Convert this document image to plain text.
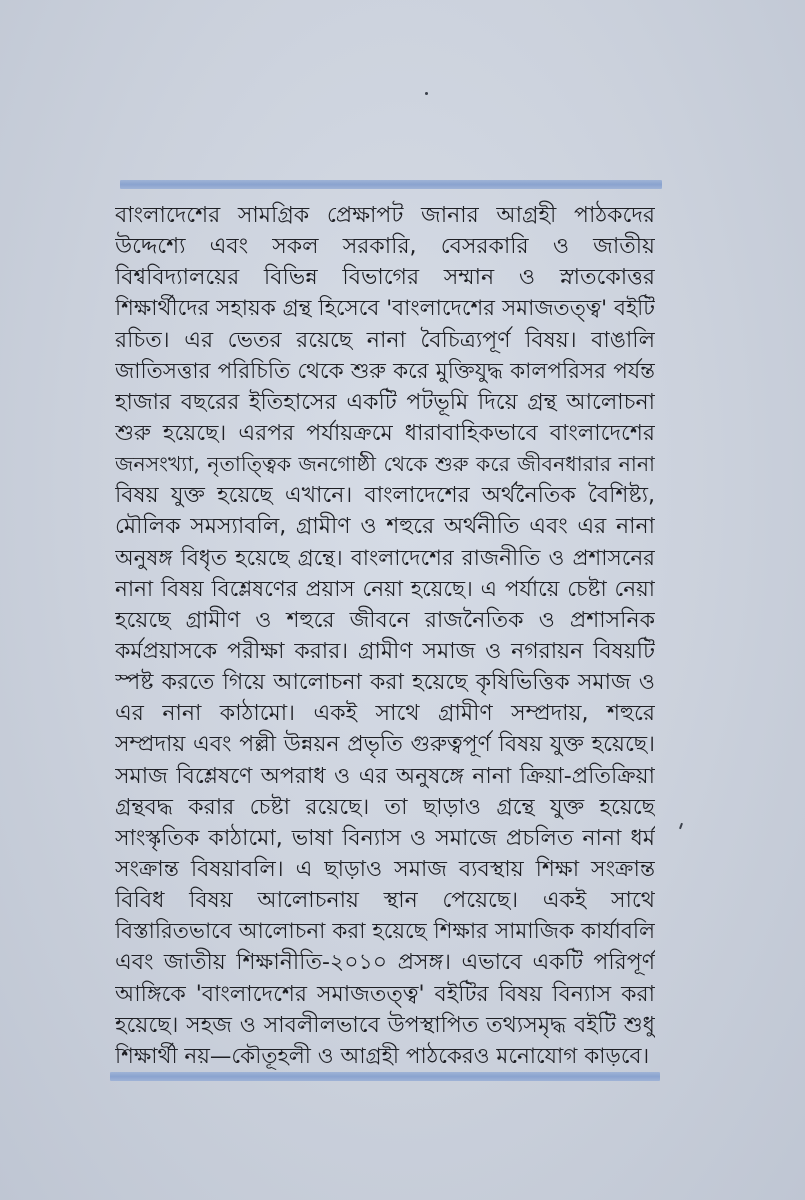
বাংলাদেশের সামগ্রিক প্রেক্ষাপট জানার আগ্রহী পাঠকদের
উদ্দেশ্যে এবং সকল সরকারি, বেসরকারি ও জাতীয়
বিশ্ববিদ্যালয়ের বিভিন্ন বিভাগের সম্মান ও স্নাতকোত্তর
শিক্ষার্থীদের সহায়ক গ্রন্থ হিসেবে 'বাংলাদেশের সমাজতত্ত্ব' বইটি
রচিত। এর ভেতর রয়েছে নানা বৈচিত্র্যপূর্ণ বিষয়। বাঙালি
জাতিসত্তার পরিচিতি থেকে শুরু করে মুক্তিযুদ্ধ কালপরিসর পর্যন্ত
হাজার বছরের ইতিহাসের একটি পটভূমি দিয়ে গ্রন্থ আলোচনা
শুরু হয়েছে। এরপর পর্যায়ক্রমে ধারাবাহিকভাবে বাংলাদেশের
জনসংখ্যা, নৃতাত্ত্বিক জনগোষ্ঠী থেকে শুরু করে জীবনধারার নানা
বিষয় যুক্ত হয়েছে এখানে। বাংলাদেশের অর্থনৈতিক বৈশিষ্ট্য,
মৌলিক সমস্যাবলি, গ্রামীণ ও শহুরে অর্থনীতি এবং এর নানা
অনুষঙ্গ বিধৃত হয়েছে গ্রন্থে। বাংলাদেশের রাজনীতি ও প্রশাসনের
নানা বিষয় বিশ্লেষণের প্রয়াস নেয়া হয়েছে। এ পর্যায়ে চেষ্টা নেয়া
হয়েছে গ্রামীণ ও শহুরে জীবনে রাজনৈতিক ও প্রশাসনিক
কর্মপ্রয়াসকে পরীক্ষা করার। গ্রামীণ সমাজ ও নগরায়ন বিষয়টি
স্পষ্ট করতে গিয়ে আলোচনা করা হয়েছে কৃষিভিত্তিক সমাজ ও
এর নানা কাঠামো। একই সাথে গ্রামীণ সম্প্রদায়, শহুরে
সম্প্রদায় এবং পল্লী উন্নয়ন প্রভৃতি গুরুত্বপূর্ণ বিষয় যুক্ত হয়েছে।
সমাজ বিশ্লেষণে অপরাধ ও এর অনুষঙ্গে নানা ক্রিয়া-প্রতিক্রিয়া
গ্রন্থবদ্ধ করার চেষ্টা রয়েছে। তা ছাড়াও গ্রন্থে যুক্ত হয়েছে
সাংস্কৃতিক কাঠামো, ভাষা বিন্যাস ও সমাজে প্রচলিত নানা ধর্ম
সংক্রান্ত বিষয়াবলি। এ ছাড়াও সমাজ ব্যবস্থায় শিক্ষা সংক্রান্ত
বিবিধ বিষয় আলোচনায় স্থান পেয়েছে। একই সাথে
বিস্তারিতভাবে আলোচনা করা হয়েছে শিক্ষার সামাজিক কার্যাবলি
এবং জাতীয় শিক্ষানীতি-২০১০ প্রসঙ্গ। এভাবে একটি পরিপূর্ণ
আঙ্গিকে 'বাংলাদেশের সমাজতত্ত্ব' বইটির বিষয় বিন্যাস করা
হয়েছে। সহজ ও সাবলীলভাবে উপস্থাপিত তথ্যসমৃদ্ধ বইটি শুধু
শিক্ষার্থী নয়—কৌতূহলী ও আগ্রহী পাঠকেরও মনোযোগ কাড়বে।
